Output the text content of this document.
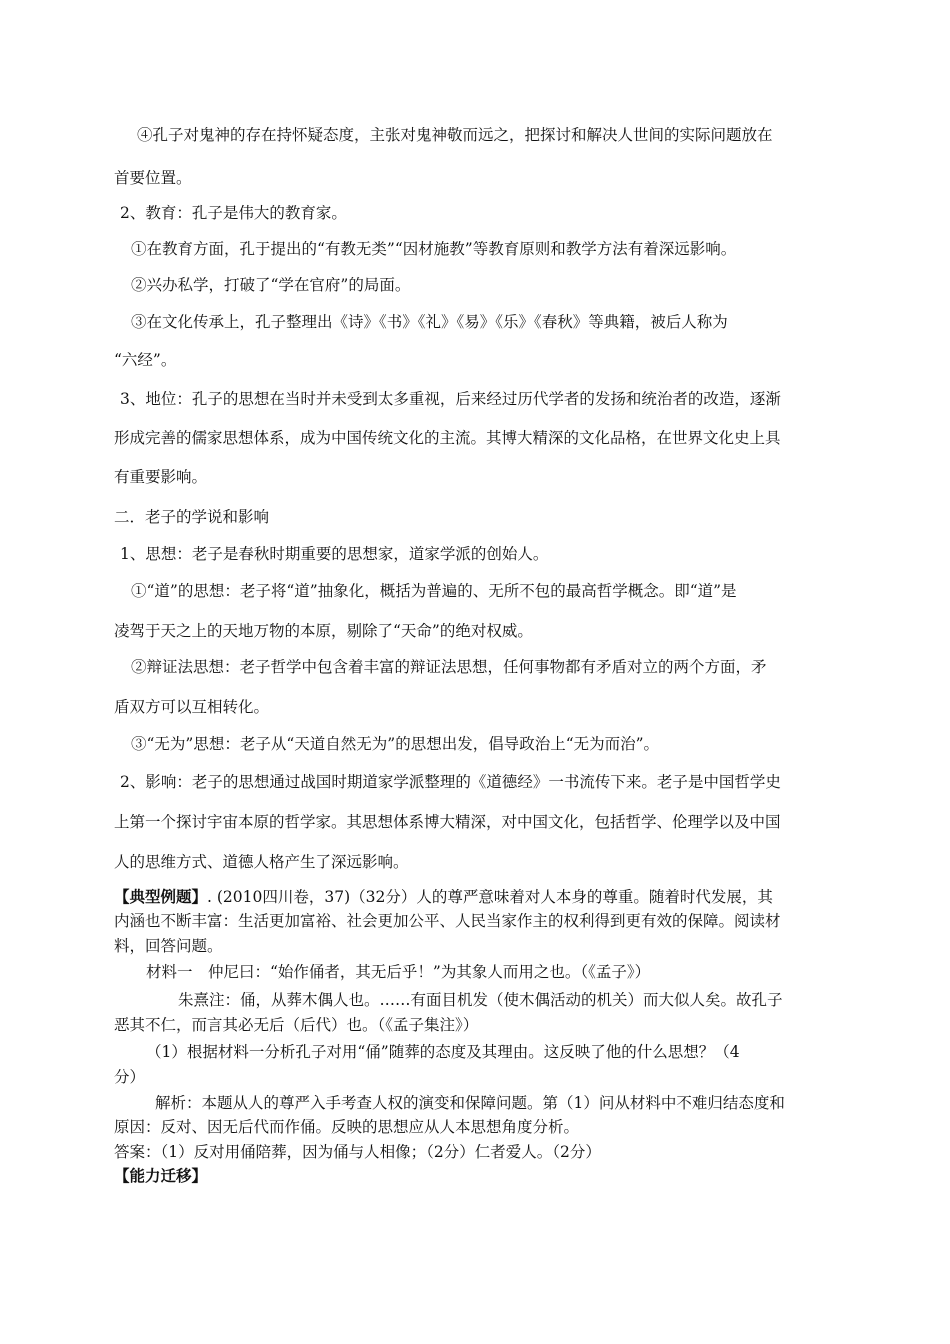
④孔子对鬼神的存在持怀疑态度，主张对鬼神敬而远之，把探讨和解决人世间的实际问题放在
首要位置。
2、教育：孔子是伟大的教育家。
①在教育方面，孔于提出的“有教无类”“因材施教”等教育原则和教学方法有着深远影响。
②兴办私学，打破了“学在官府”的局面。
③在文化传承上，孔子整理出《诗》《书》《礼》《易》《乐》《春秋》等典籍，被后人称为
“六经”。
3、地位：孔子的思想在当时并未受到太多重视，后来经过历代学者的发扬和统治者的改造，逐渐
形成完善的儒家思想体系，成为中国传统文化的主流。其博大精深的文化品格，在世界文化史上具
有重要影响。
二．老子的学说和影响
1、思想：老子是春秋时期重要的思想家，道家学派的创始人。
①“道”的思想：老子将“道”抽象化，概括为普遍的、无所不包的最高哲学概念。即“道”是
凌驾于天之上的天地万物的本原，剔除了“天命”的绝对权威。
②辩证法思想：老子哲学中包含着丰富的辩证法思想，任何事物都有矛盾对立的两个方面，矛
盾双方可以互相转化。
③“无为”思想：老子从“天道自然无为”的思想出发，倡导政治上“无为而治”。
2、影响：老子的思想通过战国时期道家学派整理的《道德经》一书流传下来。老子是中国哲学史
上第一个探讨宇宙本原的哲学家。其思想体系博大精深，对中国文化，包括哲学、伦理学以及中国
人的思维方式、道德人格产生了深远影响。
【典型例题】. (2010四川卷，37)（32分）人的尊严意味着对人本身的尊重。随着时代发展，其
内涵也不断丰富：生活更加富裕、社会更加公平、人民当家作主的权利得到更有效的保障。阅读材
料，回答问题。
材料一　仲尼曰：“始作俑者，其无后乎！”为其象人而用之也。（《孟子》）
朱熹注：俑，从葬木偶人也。……有面目机发（使木偶活动的机关）而大似人矣。故孔子
恶其不仁，而言其必无后（后代）也。（《孟子集注》）
（1）根据材料一分析孔子对用“俑”随葬的态度及其理由。这反映了他的什么思想？（4
分）
解析：本题从人的尊严入手考查人权的演变和保障问题。第（1）问从材料中不难归结态度和
原因：反对、因无后代而作俑。反映的思想应从人本思想角度分析。
答案：（1）反对用俑陪葬，因为俑与人相像；（2分）仁者爱人。（2分）
【能力迁移】
